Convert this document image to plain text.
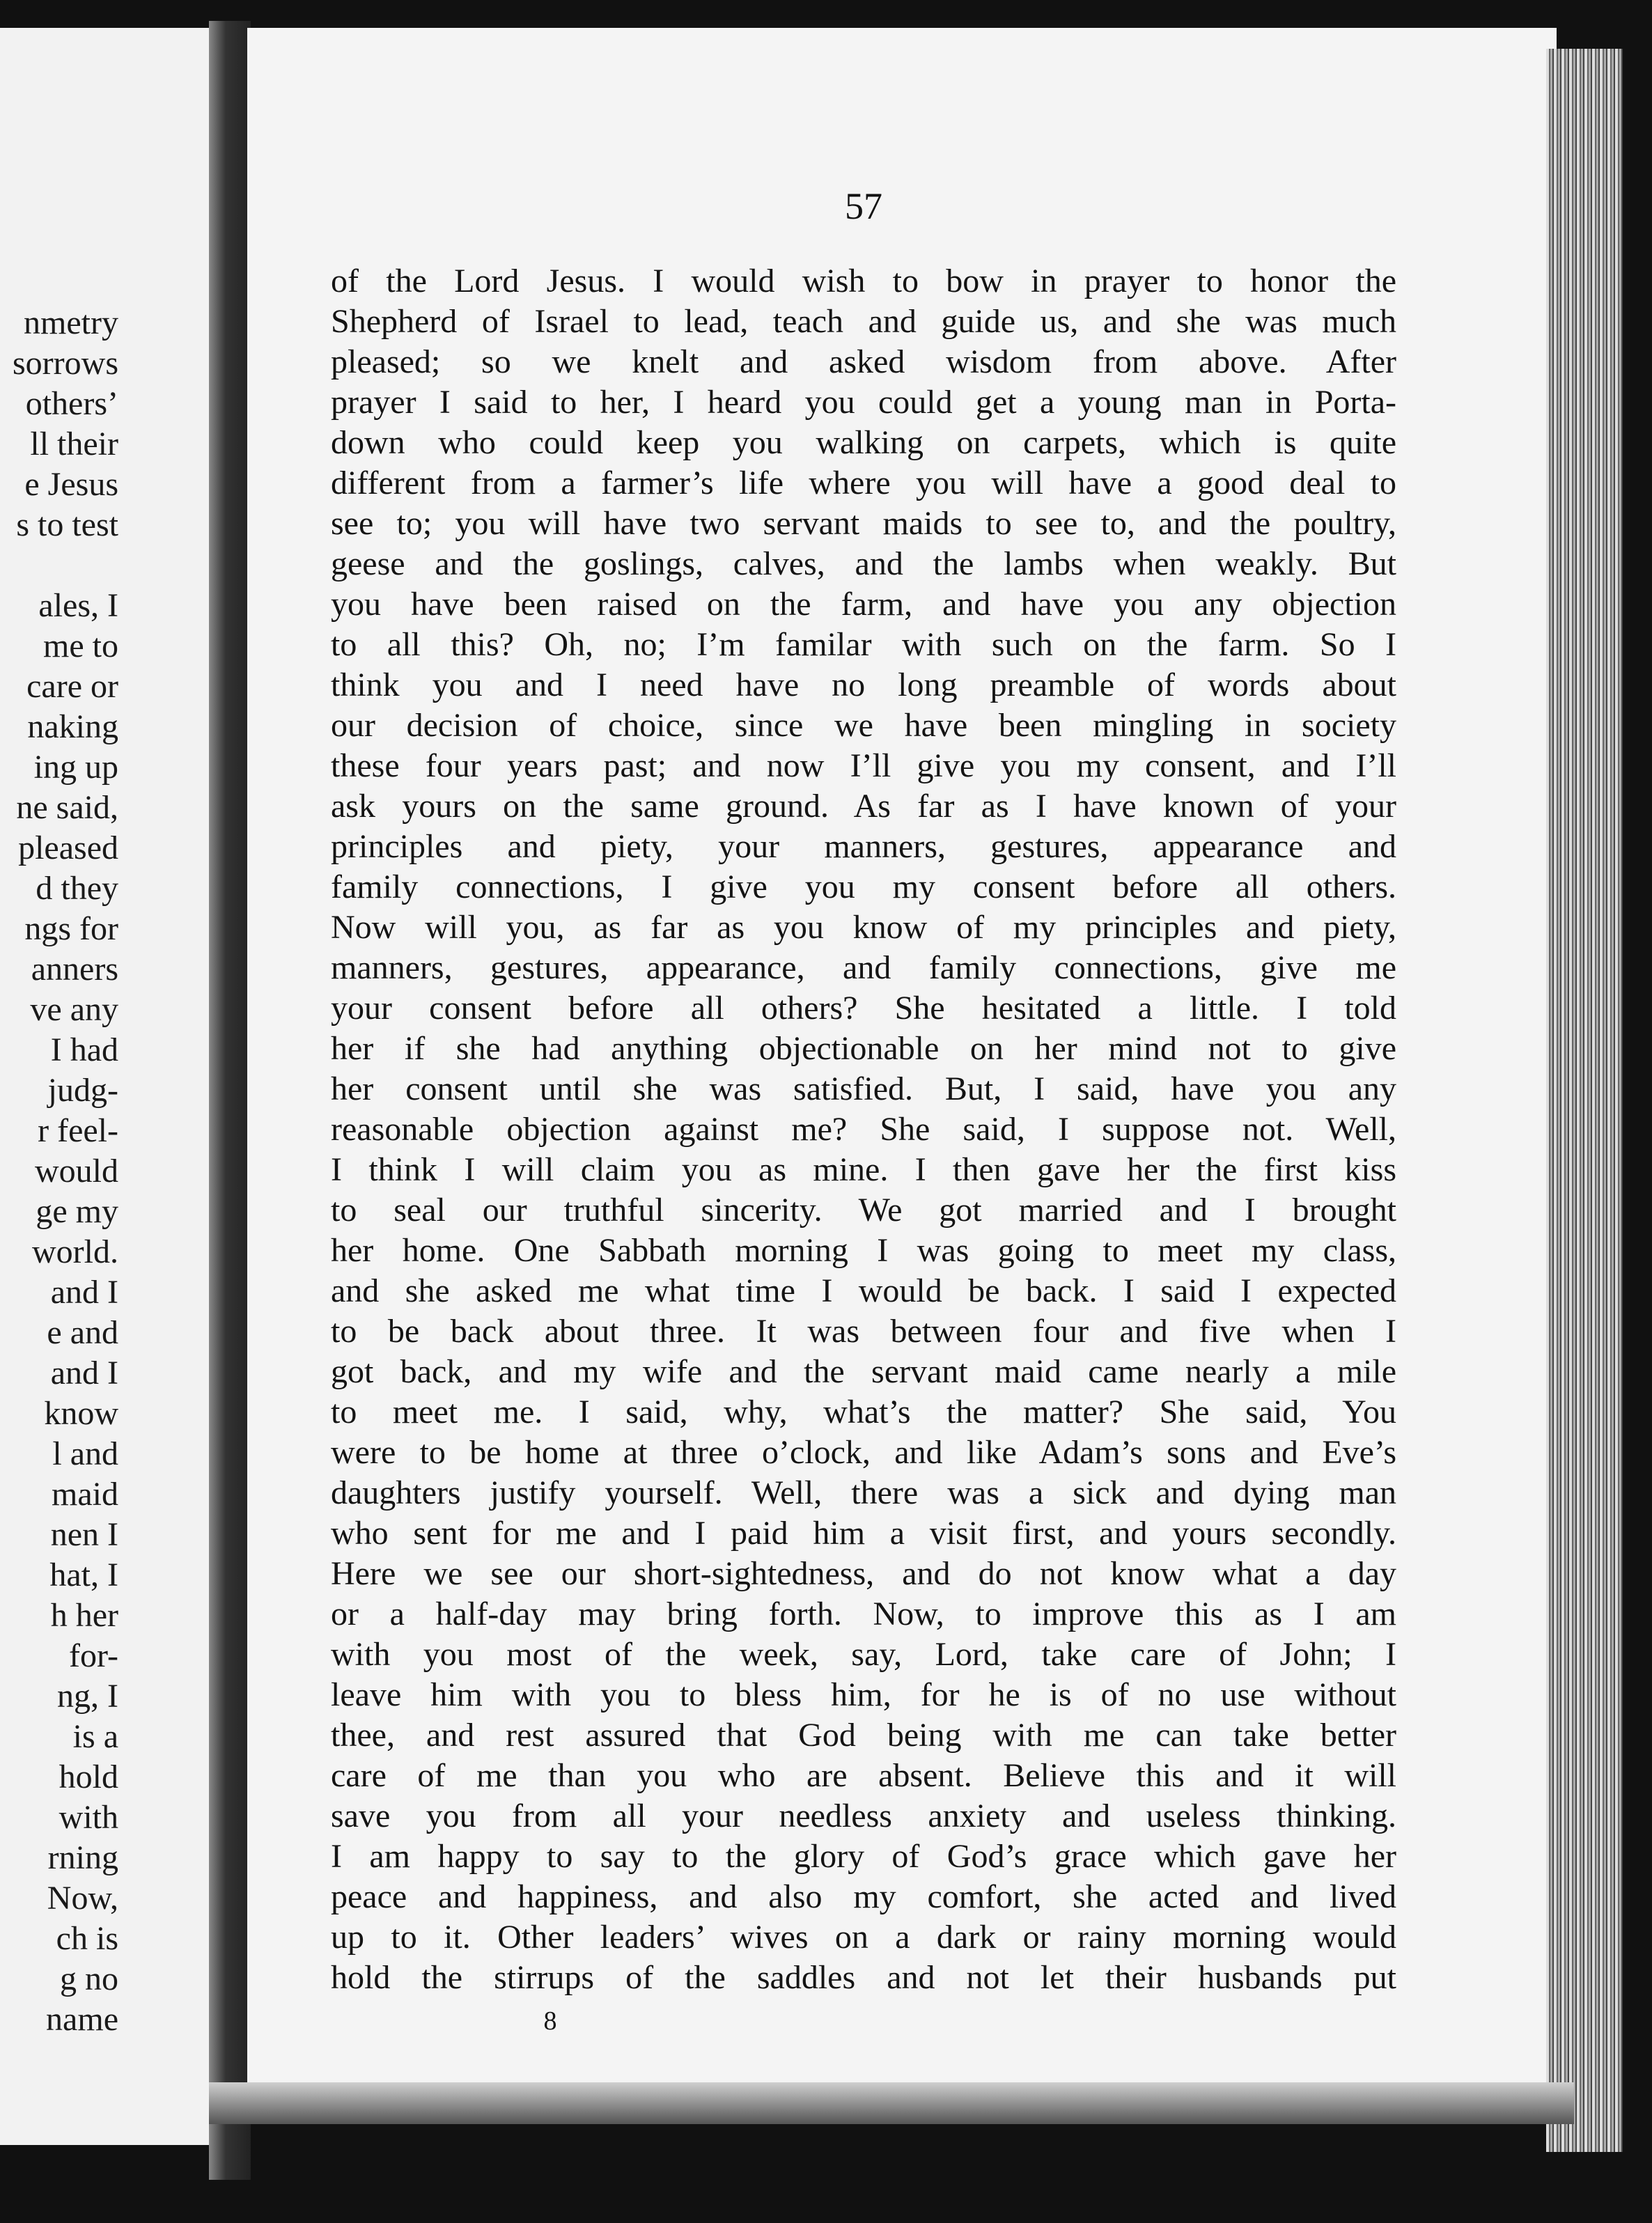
nmetry
sorrows
others’
ll their
e Jesus
s to test

ales, I
me to
care or
naking
ing up
ne said,
pleased
d they
ngs for
anners
ve any
I had
judg-
r feel-
would
ge my
world.
and I
e and
and I
know
l and
maid
nen I
hat, I
h her
for-
ng, I
is a
hold
with
rning
Now,
ch is
g no
name
57
of the Lord Jesus. I would wish to bow in prayer to honor the
Shepherd of Israel to lead, teach and guide us, and she was much
pleased; so we knelt and asked wisdom from above. After
prayer I said to her, I heard you could get a young man in Porta-
down who could keep you walking on carpets, which is quite
different from a farmer’s life where you will have a good deal to
see to; you will have two servant maids to see to, and the poultry,
geese and the goslings, calves, and the lambs when weakly. But
you have been raised on the farm, and have you any objection
to all this? Oh, no; I’m familar with such on the farm. So I
think you and I need have no long preamble of words about
our decision of choice, since we have been mingling in society
these four years past; and now I’ll give you my consent, and I’ll
ask yours on the same ground. As far as I have known of your
principles and piety, your manners, gestures, appearance and
family connections, I give you my consent before all others.
Now will you, as far as you know of my principles and piety,
manners, gestures, appearance, and family connections, give me
your consent before all others? She hesitated a little. I told
her if she had anything objectionable on her mind not to give
her consent until she was satisfied. But, I said, have you any
reasonable objection against me? She said, I suppose not. Well,
I think I will claim you as mine. I then gave her the first kiss
to seal our truthful sincerity. We got married and I brought
her home. One Sabbath morning I was going to meet my class,
and she asked me what time I would be back. I said I expected
to be back about three. It was between four and five when I
got back, and my wife and the servant maid came nearly a mile
to meet me. I said, why, what’s the matter? She said, You
were to be home at three o’clock, and like Adam’s sons and Eve’s
daughters justify yourself. Well, there was a sick and dying man
who sent for me and I paid him a visit first, and yours secondly.
Here we see our short-sightedness, and do not know what a day
or a half-day may bring forth. Now, to improve this as I am
with you most of the week, say, Lord, take care of John; I
leave him with you to bless him, for he is of no use without
thee, and rest assured that God being with me can take better
care of me than you who are absent. Believe this and it will
save you from all your needless anxiety and useless thinking.
I am happy to say to the glory of God’s grace which gave her
peace and happiness, and also my comfort, she acted and lived
up to it. Other leaders’ wives on a dark or rainy morning would
hold the stirrups of the saddles and not let their husbands put
8
